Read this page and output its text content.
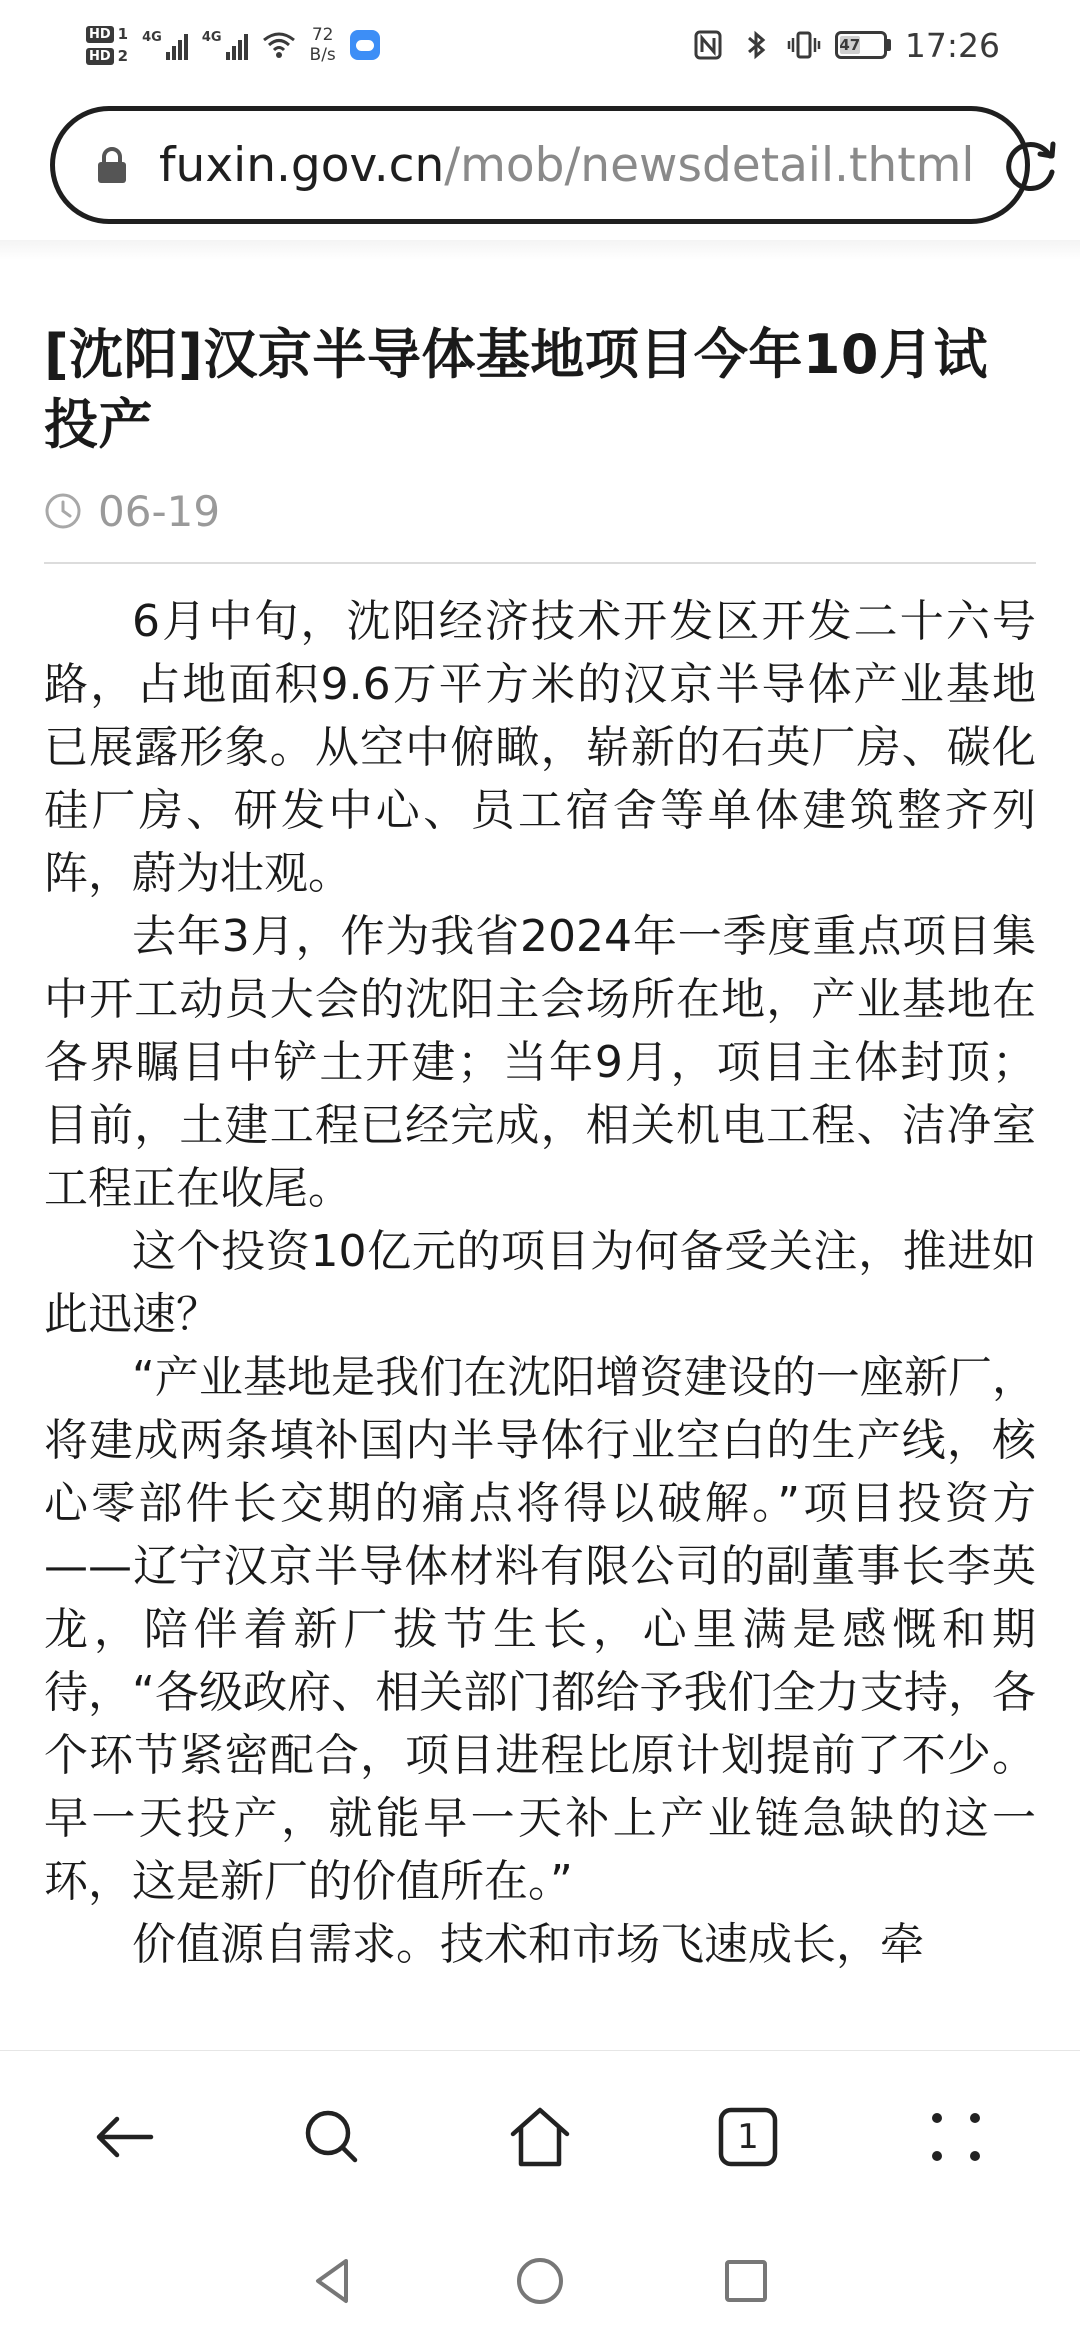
HD 1
HD 2
4G	4G	72
B/s	47 17:26
fuxin.gov.cn/mob/newsdetail.thtml
[沈阳]汉京半导体基地项目今年10月试投产
06-19

6月中旬，沈阳经济技术开发区开发二十六号路，占地面积9.6万平方米的汉京半导体产业基地已展露形象。从空中俯瞰，崭新的石英厂房、碳化硅厂房、研发中心、员工宿舍等单体建筑整齐列阵，蔚为壮观。

去年3月，作为我省2024年一季度重点项目集中开工动员大会的沈阳主会场所在地，产业基地在各界瞩目中铲土开建；当年9月，项目主体封顶；目前，土建工程已经完成，相关机电工程、洁净室工程正在收尾。

这个投资10亿元的项目为何备受关注，推进如此迅速？

“产业基地是我们在沈阳增资建设的一座新厂，将建成两条填补国内半导体行业空白的生产线，核心零部件长交期的痛点将得以破解。”项目投资方——辽宁汉京半导体材料有限公司的副董事长李英龙，陪伴着新厂拔节生长，心里满是感慨和期待，“各级政府、相关部门都给予我们全力支持，各个环节紧密配合，项目进程比原计划提前了不少。早一天投产，就能早一天补上产业链急缺的这一环，这是新厂的价值所在。”

价值源自需求。技术和市场飞速成长，牵

1
